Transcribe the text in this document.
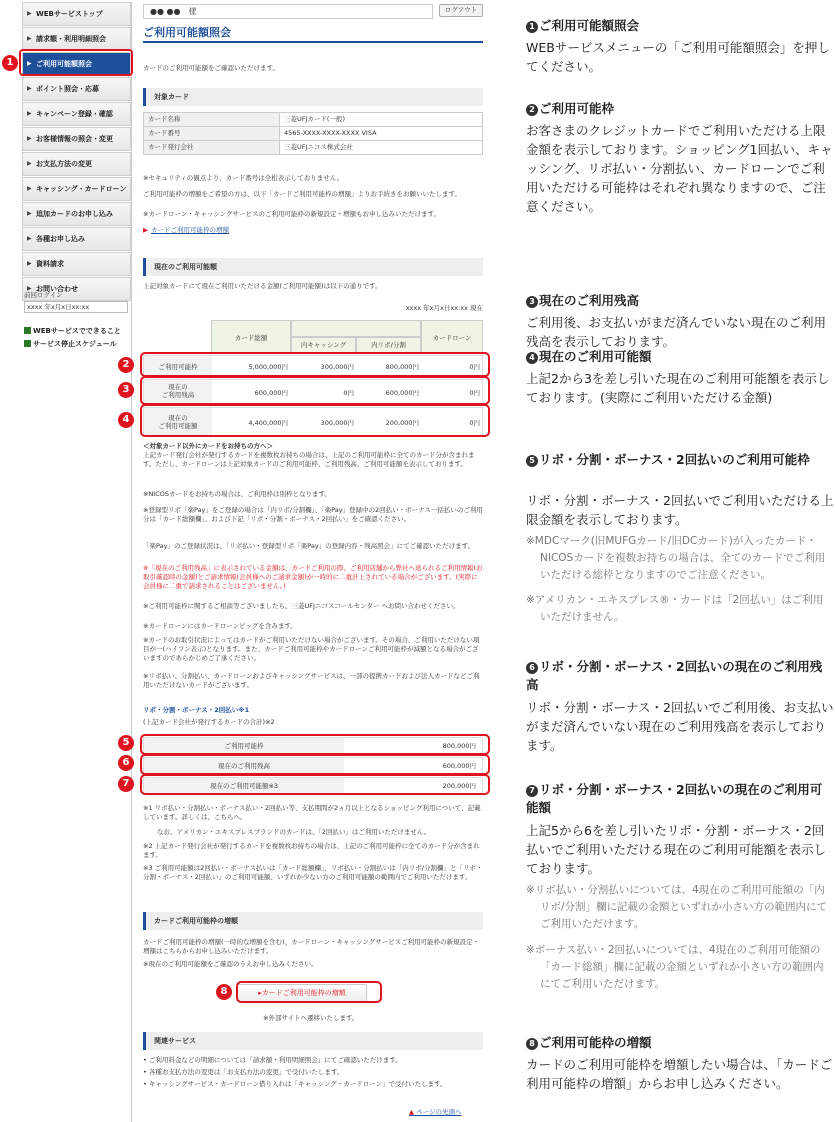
▶ WEBサービストップ
▶ 請求額・利用明細照会
▶ ご利用可能額照会
▶ ポイント照会・応募
▶ キャンペーン登録・確認
▶ お客様情報の照会・変更
▶ お支払方法の変更
▶ キャッシング・カードローン
▶ 追加カードのお申し込み
▶ 各種お申し込み
▶ 資料請求
▶ お問い合わせ
前回ログイン
xxxx 年x月x日xx:xx
WEBサービスでできること
サービス停止スケジュール
1
●● ●●　様	ログアウト
ご利用可能額照会
カードのご利用可能額をご確認いただけます。
対象カード
カード名称	三菱UFJカード(一般)
カード番号	4565-XXXX-XXXX-XXXX VISA
カード発行会社	三菱UFJニコス株式会社
※セキュリティの観点より、カード番号は全桁表示しておりません。
ご利用可能枠の増額をご希望の方は、以下「カードご利用可能枠の増額」よりお手続きをお願いいたします。
※カードローン・キャッシングサービスのご利用可能枠の新規設定・増額もお申し込みいただけます。
▶ カードご利用可能枠の増額
現在のご利用可能額
上記対象カードにて現在ご利用いただける金額(ご利用可能額)は以下の通りです。
xxxx 年x月x日xx:xx 現在
カード総額
内キャッシング	内リボ/分割
カードローン
ご利用可能枠	5,000,000円	300,000円	800,000円	0円
現在の
ご利用残高	600,000円	0円	600,000円	0円
現在の
ご利用可能額	4,400,000円	300,000円	200,000円	0円
＜対象カード以外にカードをお持ちの方へ＞
上記カード発行会社が発行するカードを複数枚お持ちの場合は、上記のご利用可能枠に全てのカード分が含まれます。ただし、カードローンは上記対象カードのご利用可能枠、ご利用残高、ご利用可能額を表示しております。
※NICOSカードをお持ちの場合は、ご利用枠は別枠となります。
※登録型リボ「楽Pay」をご登録の場合は「内リボ/分割欄」、「楽Pay」登録中の2回払い・ボーナス一括払いのご利用分は「カード総額欄」、および下記「リボ・分割・ボーナス・2回払い」をご確認ください。
「楽Pay」のご登録状況は、「リボ払い・登録型リボ「楽Pay」の登録内容・残高照会」にてご確認いただけます。
※「現在のご利用残高」に表示されている金額は、カードご利用の際、ご利用店舗から弊社へ送られるご利用情報(お取引確認時の金額)とご請求情報(会員様へのご請求金額)が一時的に二重計上されている場合がございます。(実際に会員様に二重で請求されることはございません。)
※ご利用可能枠に関するご相談等ございましたら、三菱UFJニコスコールセンター へお問い合わせください。
※カードローンにはカードローンビッグを含みます。
※カードのお取引状況によってはカードがご利用いただけない場合がございます。その場合、ご利用いただけない項目が一(ハイフン表示)となります。また、カードご利用可能枠やカードローンご利用可能枠が減額となる場合がございますのであらかじめご了承ください。
※リボ払い、分割払い、カードローンおよびキャッシングサービスは、一部の提携カードおよび法人カードなどご利用いただけないカードがございます。
リボ・分割・ボーナス・2回払い※1
(上記カード会社が発行するカードの合計)※2
ご利用可能枠	800,000円
現在のご利用残高	600,000円
現在のご利用可能額※3	200,000円
※1 リボ払い・分割払い・ボーナス払い・2回払い等、支払期間が2ヵ月以上となるショッピング利用について、記載しています。詳しくは、こちらへ。
なお、アメリカン・エキスプレスブランドのカードは、「2回払い」はご利用いただけません。
※2 上記カード発行会社が発行するカードを複数枚お持ちの場合は、上記のご利用可能枠に全てのカード分が含まれます。
※3 ご利用可能額は2回払い・ボーナス払いは「カード総額欄」、リボ払い・分割払いは「内リボ/分割欄」と「リボ・分割・ボーナス・2回払い」のご利用可能額、いずれか少ない方のご利用可能額の範囲内でご利用いただけます。
カードご利用可能枠の増額
カードご利用可能枠の増額(一時的な増額を含む)、カードローン・キャッシングサービスご利用可能枠の新規設定・増額はこちらからお申し込みいただけます。
※現在のご利用可能額をご確認のうえお申し込みください。
▸カードご利用可能枠の増額
※外部サイトへ遷移いたします。
関連サービス
• ご利用料金などの明細については「請求額・利用明細照会」にてご確認いただけます。
• 各種お支払方法の変更は「お支払方法の変更」で受付いたします。
• キャッシングサービス・カードローン借り入れは「キャッシング・カードローン」で受付いたします。
▲ ページの先頭へ
2
3
4
5
6
7
8
1 ご利用可能額照会
WEBサービスメニューの「ご利用可能額照会」を押してください。
2 ご利用可能枠
お客さまのクレジットカードでご利用いただける上限金額を表示しております。ショッピング1回払い、キャッシング、リボ払い・分割払い、カードローンでご利用いただける可能枠はそれぞれ異なりますので、ご注意ください。
3 現在のご利用残高
ご利用後、お支払いがまだ済んでいない現在のご利用残高を表示しております。
4 現在のご利用可能額
上記2から3を差し引いた現在のご利用可能額を表示しております。(実際にご利用いただける金額)
5 リボ・分割・ボーナス・2回払いのご利用可能枠
リボ・分割・ボーナス・2回払いでご利用いただける上限金額を表示しております。
※MDCマーク(旧MUFGカード/旧DCカード)が入ったカード・NICOSカードを複数お持ちの場合は、全てのカードでご利用いただける総枠となりますのでご注意ください。
※アメリカン・エキスプレス®・カードは「2回払い」はご利用いただけません。
6 リボ・分割・ボーナス・2回払いの現在のご利用残高
リボ・分割・ボーナス・2回払いでご利用後、お支払いがまだ済んでいない現在のご利用残高を表示しております。
7 リボ・分割・ボーナス・2回払いの現在のご利用可能額
上記5から6を差し引いたリボ・分割・ボーナス・2回払いでご利用いただける現在のご利用可能額を表示しております。
※リボ払い・分割払いについては、4現在のご利用可能額の「内リボ/分割」欄に記載の金額といずれか小さい方の範囲内にてご利用いただけます。
※ボーナス払い・2回払いについては、4現在のご利用可能額の「カード総額」欄に記載の金額といずれか小さい方の範囲内にてご利用いただけます。
8 ご利用可能枠の増額
カードのご利用可能枠を増額したい場合は、「カードご利用可能枠の増額」からお申し込みください。
